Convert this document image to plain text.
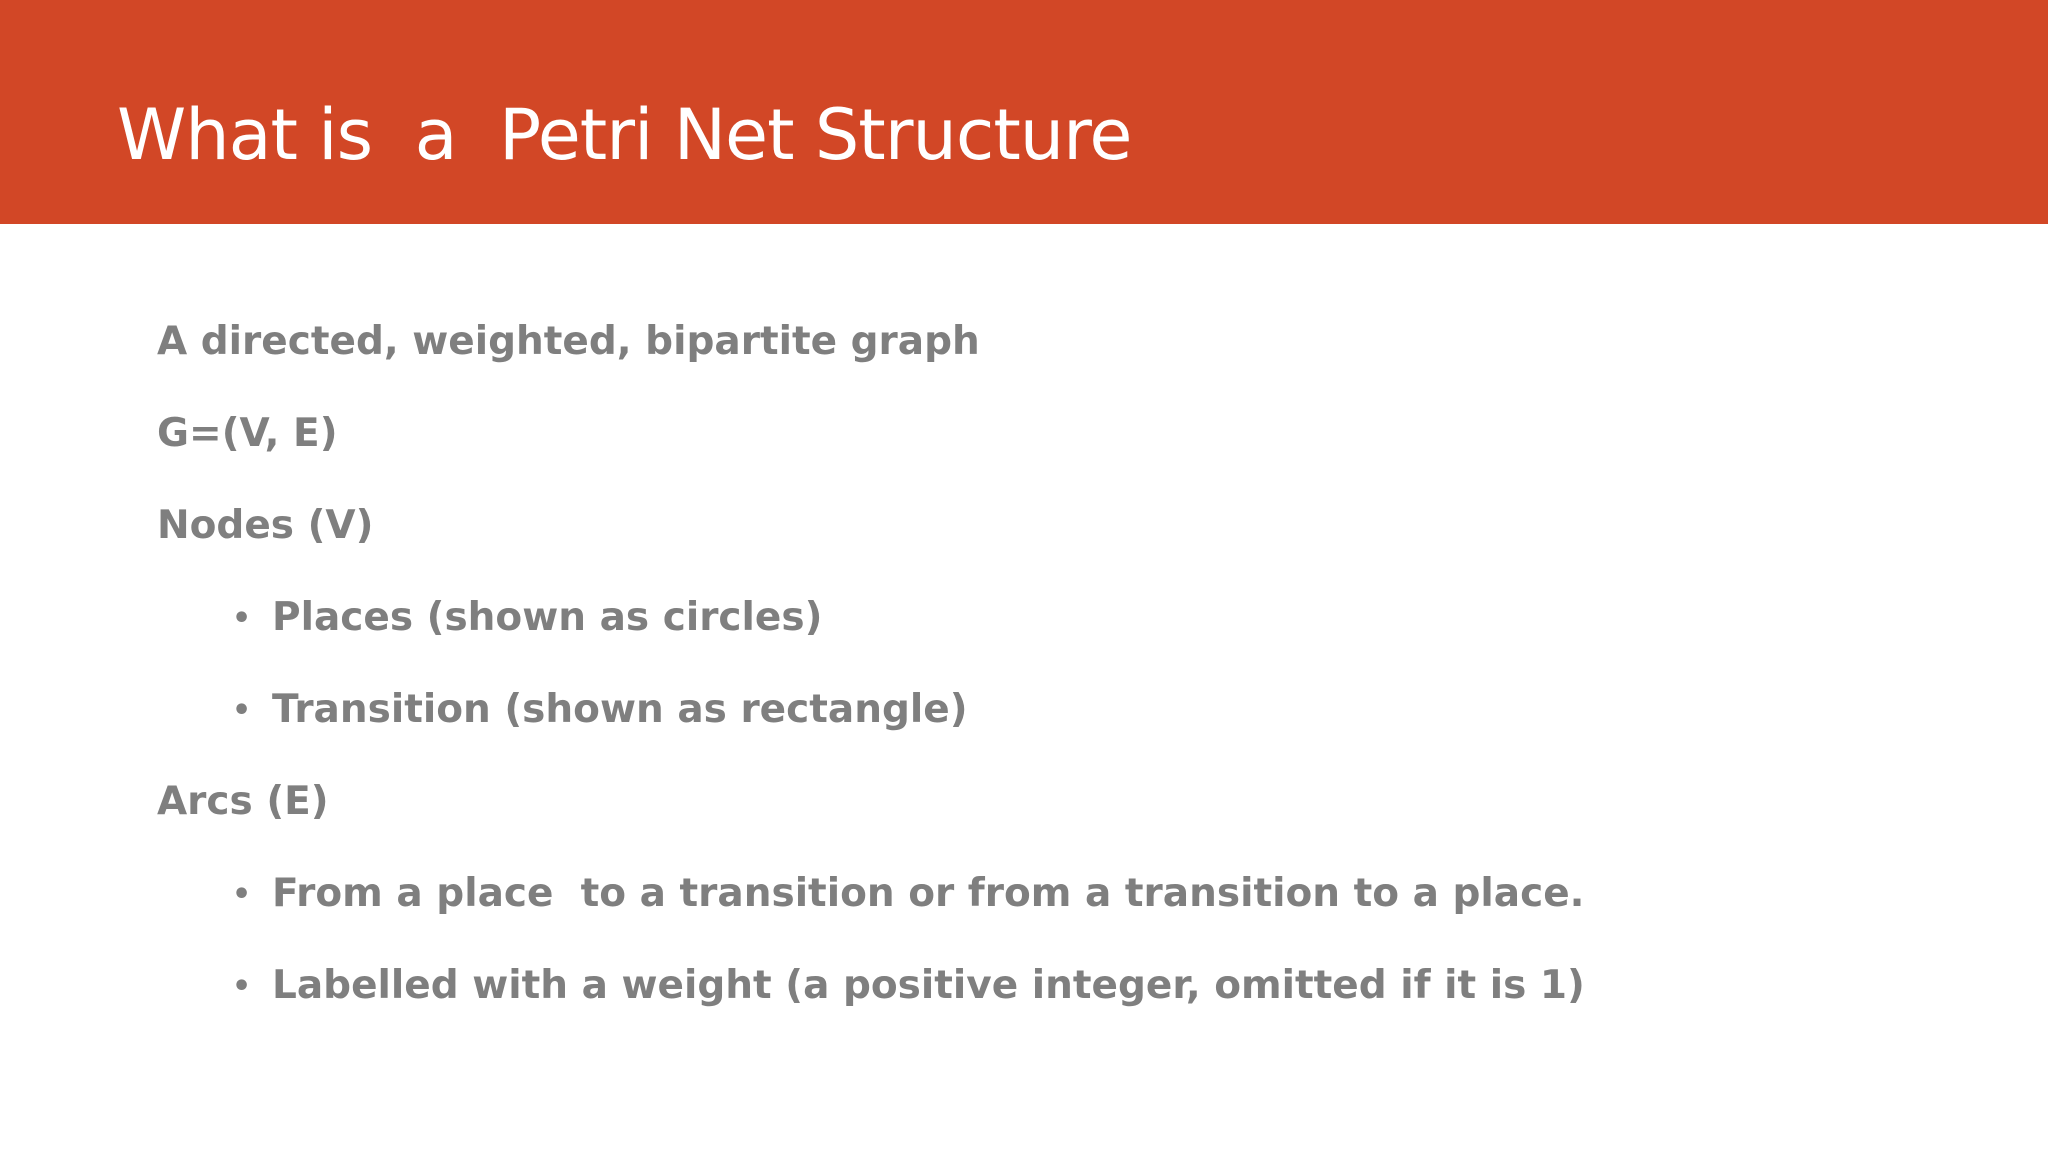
What is  a  Petri Net Structure
A directed, weighted, bipartite graph
G=(V, E)
Nodes (V)
• Places (shown as circles)
• Transition (shown as rectangle)
Arcs (E)
• From a place  to a transition or from a transition to a place.
• Labelled with a weight (a positive integer, omitted if it is 1)
